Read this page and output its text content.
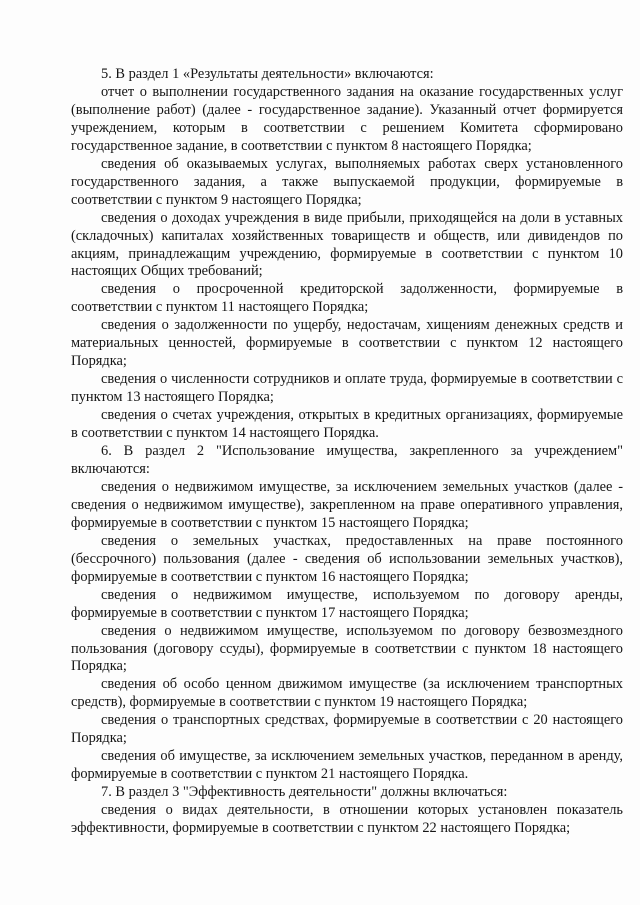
5. В раздел 1 «Результаты деятельности» включаются:

отчет о выполнении государственного задания на оказание государственных услуг (выполнение работ) (далее - государственное задание). Указанный отчет формируется учреждением, которым в соответствии с решением Комитета сформировано государственное задание, в соответствии с пунктом 8 настоящего Порядка;

сведения об оказываемых услугах, выполняемых работах сверх установленного государственного задания, а также выпускаемой продукции, формируемые в соответствии с пунктом 9 настоящего Порядка;

сведения о доходах учреждения в виде прибыли, приходящейся на доли в уставных (складочных) капиталах хозяйственных товариществ и обществ, или дивидендов по акциям, принадлежащим учреждению, формируемые в соответствии с пунктом 10 настоящих Общих требований;

сведения о просроченной кредиторской задолженности, формируемые в соответствии с пунктом 11 настоящего Порядка;

сведения о задолженности по ущербу, недостачам, хищениям денежных средств и материальных ценностей, формируемые в соответствии с пунктом 12 настоящего Порядка;

сведения о численности сотрудников и оплате труда, формируемые в соответствии с пунктом 13 настоящего Порядка;

сведения о счетах учреждения, открытых в кредитных организациях, формируемые в соответствии с пунктом 14 настоящего Порядка.

6. В раздел 2 "Использование имущества, закрепленного за учреждением" включаются:

сведения о недвижимом имуществе, за исключением земельных участков (далее - сведения о недвижимом имуществе), закрепленном на праве оперативного управления, формируемые в соответствии с пунктом 15 настоящего Порядка;

сведения о земельных участках, предоставленных на праве постоянного (бессрочного) пользования (далее - сведения об использовании земельных участков), формируемые в соответствии с пунктом 16 настоящего Порядка;

сведения о недвижимом имуществе, используемом по договору аренды, формируемые в соответствии с пунктом 17 настоящего Порядка;

сведения о недвижимом имуществе, используемом по договору безвозмездного пользования (договору ссуды), формируемые в соответствии с пунктом 18 настоящего Порядка;

сведения об особо ценном движимом имуществе (за исключением транспортных средств), формируемые в соответствии с пунктом 19 настоящего Порядка;

сведения о транспортных средствах, формируемые в соответствии с 20 настоящего Порядка;

сведения об имуществе, за исключением земельных участков, переданном в аренду, формируемые в соответствии с пунктом 21 настоящего Порядка.

7. В раздел 3 "Эффективность деятельности" должны включаться:

сведения о видах деятельности, в отношении которых установлен показатель эффективности, формируемые в соответствии с пунктом 22 настоящего Порядка;
